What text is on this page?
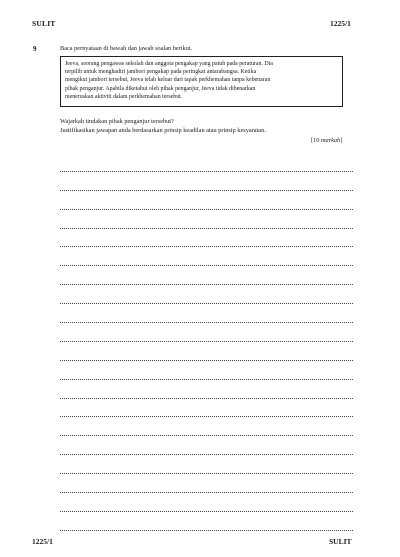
SULIT	1225/1
9	Baca pernyataan di bawah dan jawab soalan berikut.
Jeeva, seorang pengawas sekolah dan anggota pengakap yang patuh pada peraturan. Dia
terpilih untuk menghadiri jambori pengakap pada peringkat antarabangsa. Ketika
mengikut jambori tersebut, Jeeva telah keluar dari tapak perkhemahan tanpa kebenaran
pihak penganjur. Apabila diketahui oleh pihak penganjur, Jeeva tidak dibenarkan
meneruskan aktiviti dalam perkhemahan tersebut.
Wajarkah tindakan pihak penganjur tersebut?
Justifikasikan jawapan anda berdasarkan prinsip keadilan atau prinsip kesyaratan.
[10 markah]
1225/1	SULIT
